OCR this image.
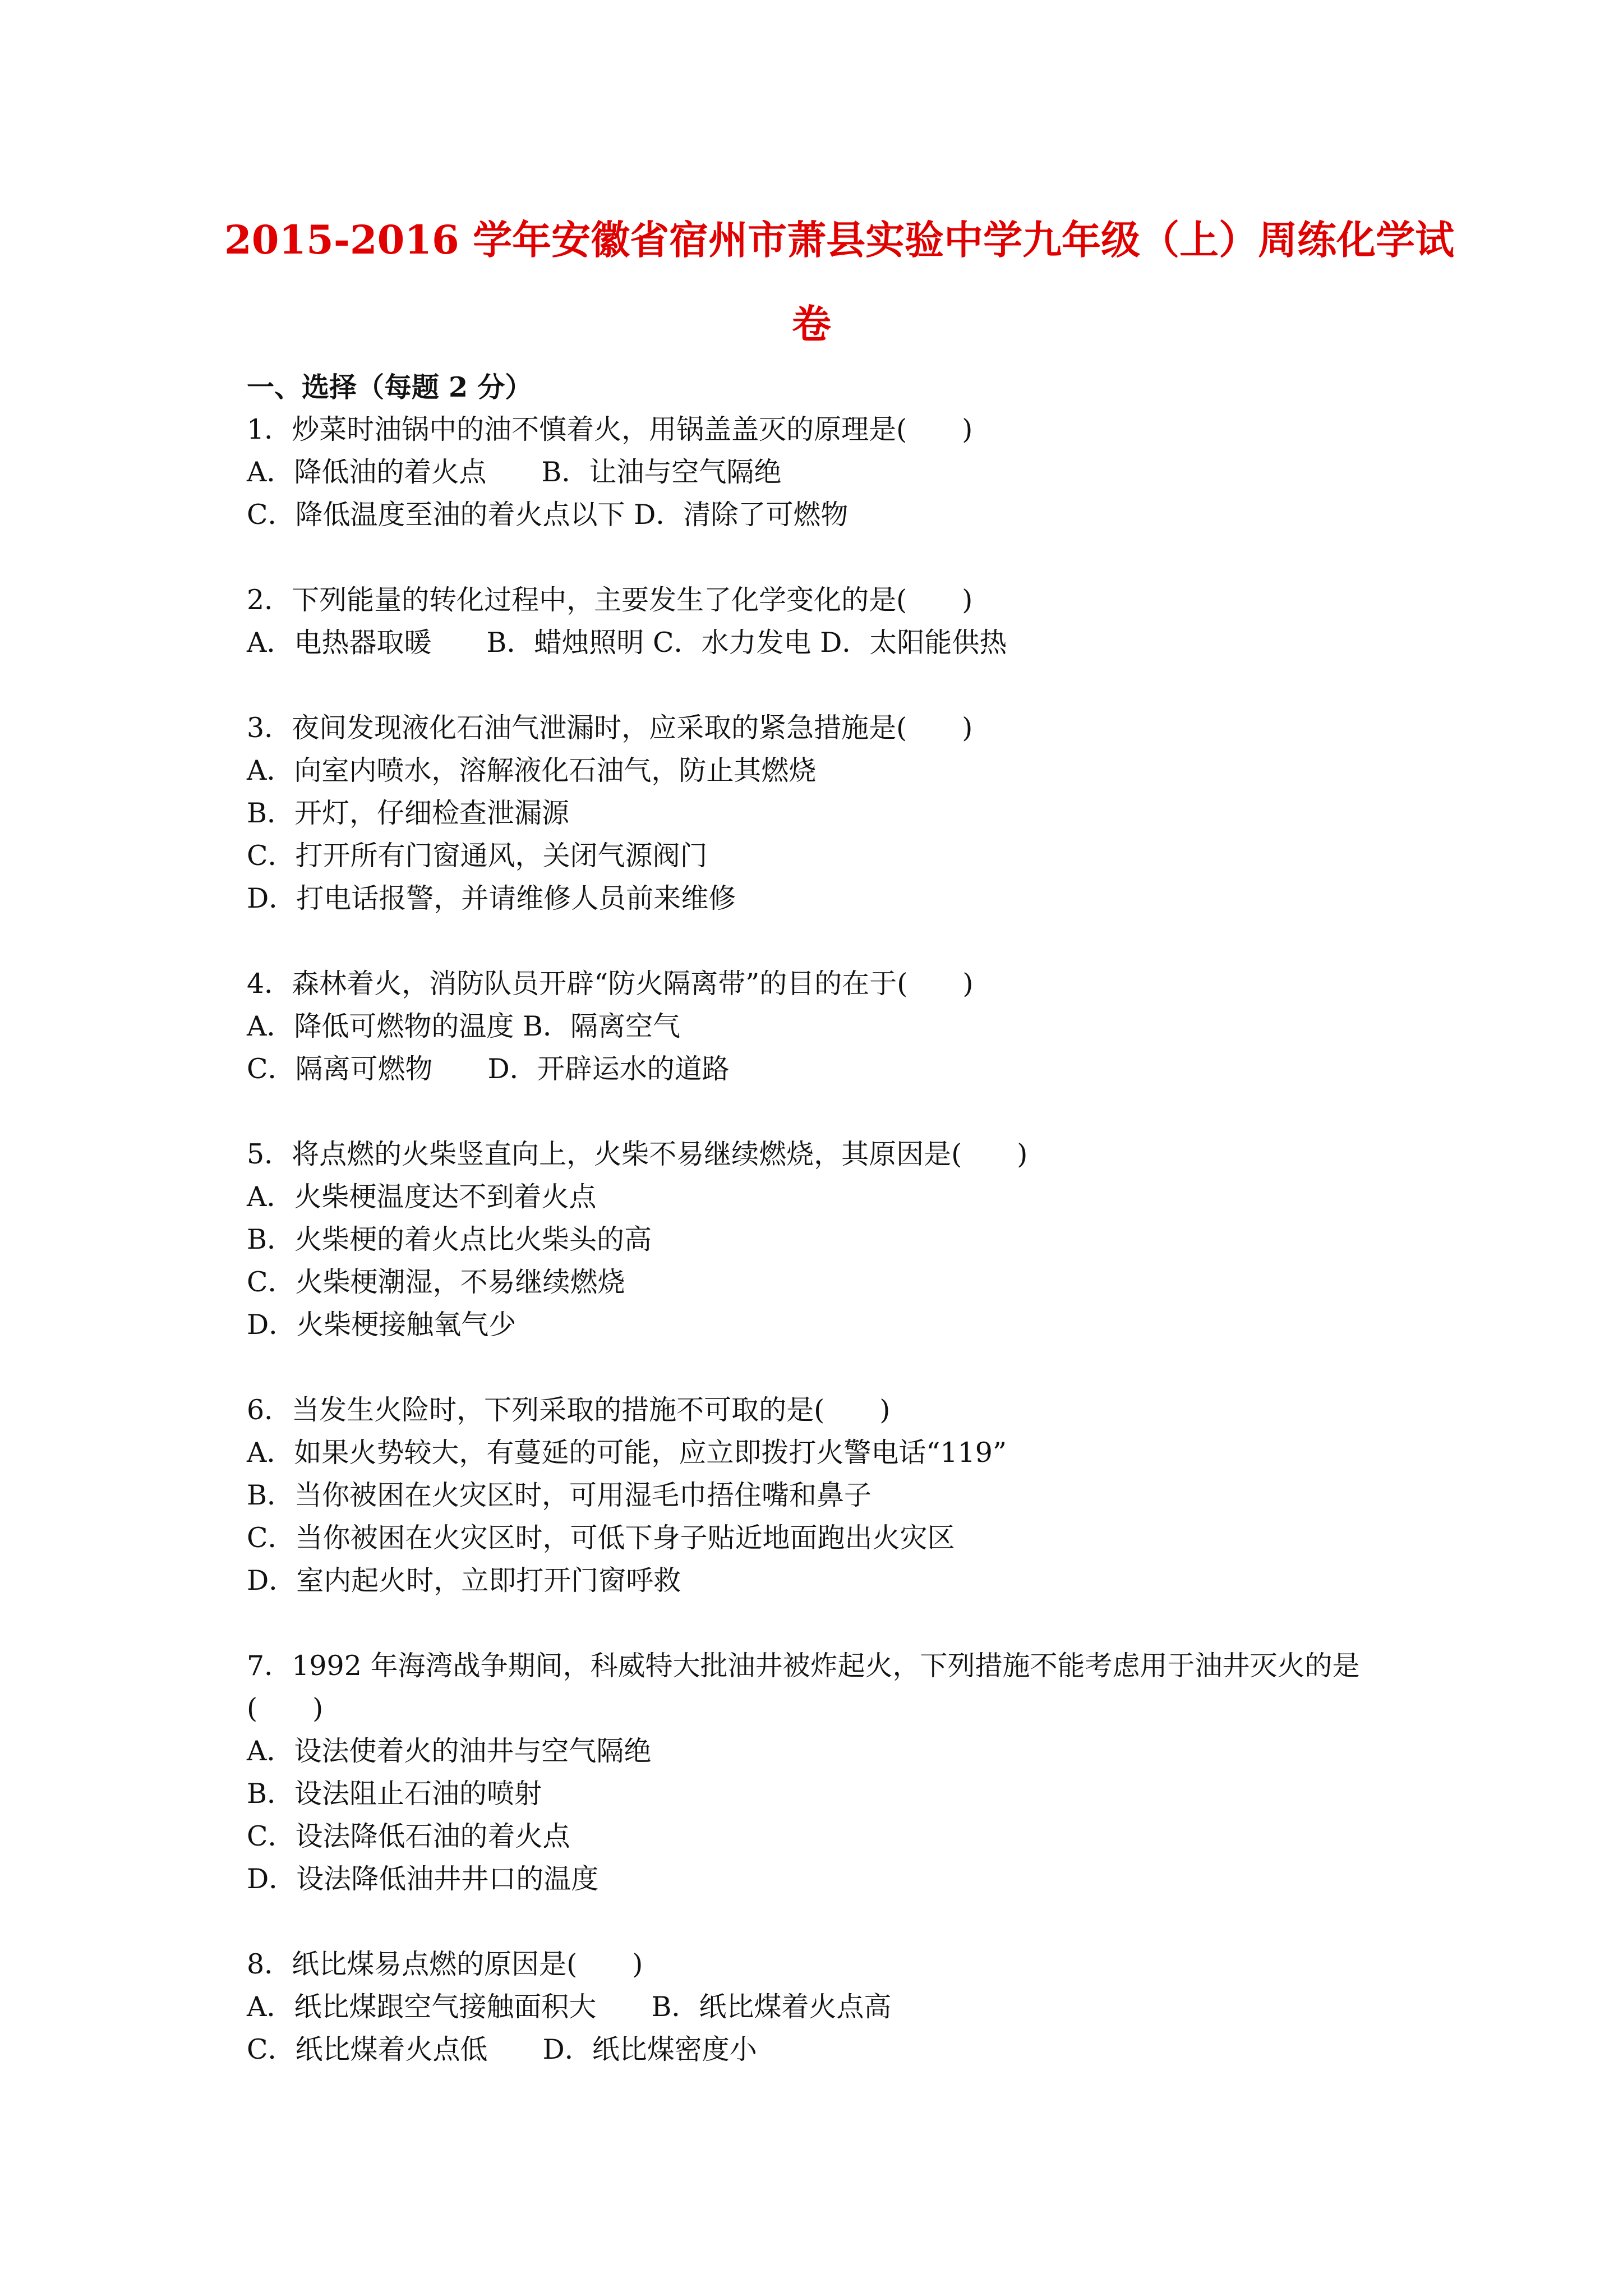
2015-2016 学年安徽省宿州市萧县实验中学九年级（上）周练化学试
卷
一、选择（每题 2 分）
1．炒菜时油锅中的油不慎着火，用锅盖盖灭的原理是(　　)
A．降低油的着火点　　B．让油与空气隔绝
C．降低温度至油的着火点以下 D．清除了可燃物
2．下列能量的转化过程中，主要发生了化学变化的是(　　)
A．电热器取暖　　B．蜡烛照明 C．水力发电 D．太阳能供热
3．夜间发现液化石油气泄漏时，应采取的紧急措施是(　　)
A．向室内喷水，溶解液化石油气，防止其燃烧
B．开灯，仔细检查泄漏源
C．打开所有门窗通风，关闭气源阀门
D．打电话报警，并请维修人员前来维修
4．森林着火，消防队员开辟“防火隔离带”的目的在于(　　)
A．降低可燃物的温度 B．隔离空气
C．隔离可燃物　　D．开辟运水的道路
5．将点燃的火柴竖直向上，火柴不易继续燃烧，其原因是(　　)
A．火柴梗温度达不到着火点
B．火柴梗的着火点比火柴头的高
C．火柴梗潮湿，不易继续燃烧
D．火柴梗接触氧气少
6．当发生火险时，下列采取的措施不可取的是(　　)
A．如果火势较大，有蔓延的可能，应立即拨打火警电话“119”
B．当你被困在火灾区时，可用湿毛巾捂住嘴和鼻子
C．当你被困在火灾区时，可低下身子贴近地面跑出火灾区
D．室内起火时，立即打开门窗呼救
7．1992 年海湾战争期间，科威特大批油井被炸起火，下列措施不能考虑用于油井灭火的是
(　　)
A．设法使着火的油井与空气隔绝
B．设法阻止石油的喷射
C．设法降低石油的着火点
D．设法降低油井井口的温度
8．纸比煤易点燃的原因是(　　)
A．纸比煤跟空气接触面积大　　B．纸比煤着火点高
C．纸比煤着火点低　　D．纸比煤密度小
